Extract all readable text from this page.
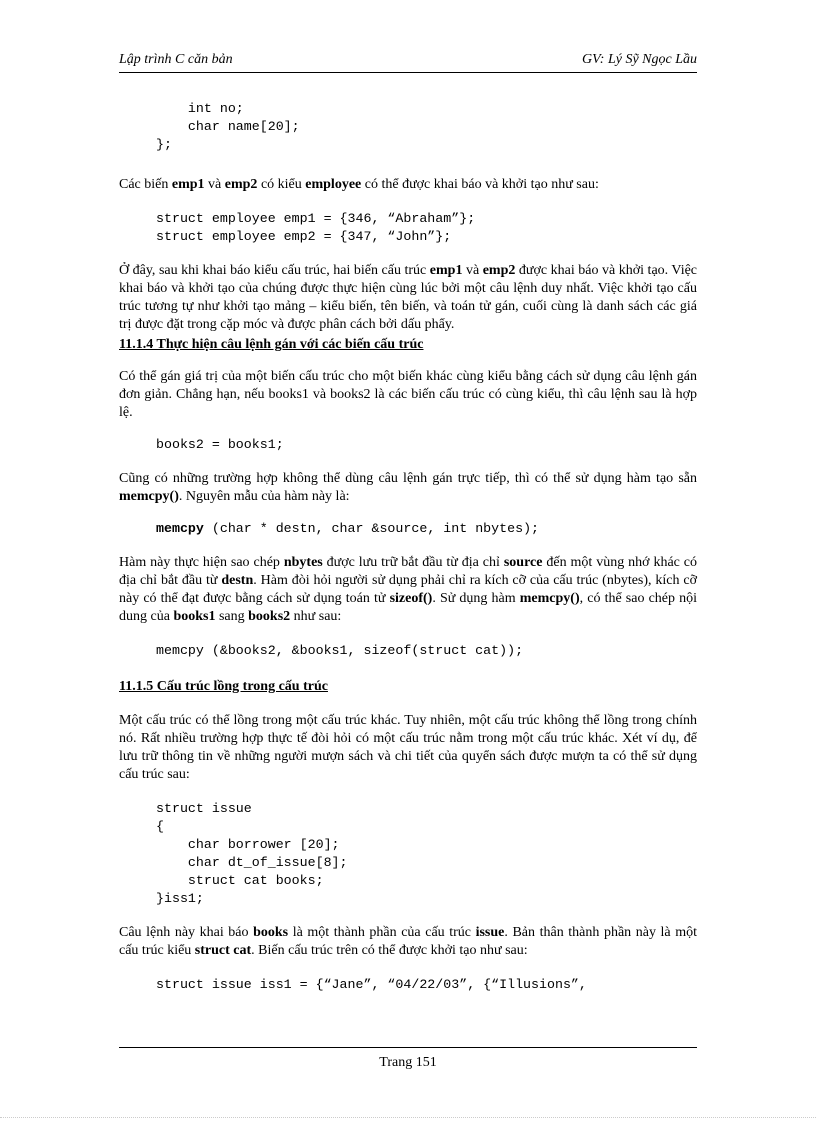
Lập trình C căn bản	GV: Lý Sỹ Ngọc Lầu
int no;
char name[20];
};

Các biến emp1 và emp2 có kiểu employee có thể được khai báo và khởi tạo như sau:

struct employee emp1 = {346, “Abraham”};
struct employee emp2 = {347, “John”};

Ở đây, sau khi khai báo kiểu cấu trúc, hai biến cấu trúc emp1 và emp2 được khai báo và khởi tạo. Việc khai báo và khởi tạo của chúng được thực hiện cùng lúc bởi một câu lệnh duy nhất. Việc khởi tạo cấu trúc tương tự như khởi tạo mảng – kiểu biến, tên biến, và toán tử gán, cuối cùng là danh sách các giá trị được đặt trong cặp móc và được phân cách bởi dấu phẩy.

11.1.4 Thực hiện câu lệnh gán với các biến cấu trúc

Có thể gán giá trị của một biến cấu trúc cho một biến khác cùng kiểu bằng cách sử dụng câu lệnh gán đơn giản. Chẳng hạn, nếu books1 và books2 là các biến cấu trúc có cùng kiểu, thì câu lệnh sau là hợp lệ.

books2 = books1;

Cũng có những trường hợp không thể dùng câu lệnh gán trực tiếp, thì có thể sử dụng hàm tạo sẵn memcpy(). Nguyên mẫu của hàm này là:

memcpy (char * destn, char &source, int nbytes);

Hàm này thực hiện sao chép nbytes được lưu trữ bắt đầu từ địa chỉ source đến một vùng nhớ khác có địa chỉ bắt đầu từ destn. Hàm đòi hỏi người sử dụng phải chỉ ra kích cỡ của cấu trúc (nbytes), kích cỡ này có thể đạt được bằng cách sử dụng toán tử sizeof(). Sử dụng hàm memcpy(), có thể sao chép nội dung của books1 sang books2 như sau:

memcpy (&books2, &books1, sizeof(struct cat));

11.1.5 Cấu trúc lồng trong cấu trúc

Một cấu trúc có thể lồng trong một cấu trúc khác. Tuy nhiên, một cấu trúc không thể lồng trong chính nó. Rất nhiều trường hợp thực tế đòi hỏi có một cấu trúc nằm trong một cấu trúc khác. Xét ví dụ, để lưu trữ thông tin về những người mượn sách và chi tiết của quyển sách được mượn ta có thể sử dụng cấu trúc sau:

struct issue
{
char borrower [20];
char dt_of_issue[8];
struct cat books;
}iss1;

Câu lệnh này khai báo books là một thành phần của cấu trúc issue. Bản thân thành phần này là một cấu trúc kiểu struct cat. Biến cấu trúc trên có thể được khởi tạo như sau:

struct issue iss1 = {“Jane”, “04/22/03”, {“Illusions”,
Trang 151
